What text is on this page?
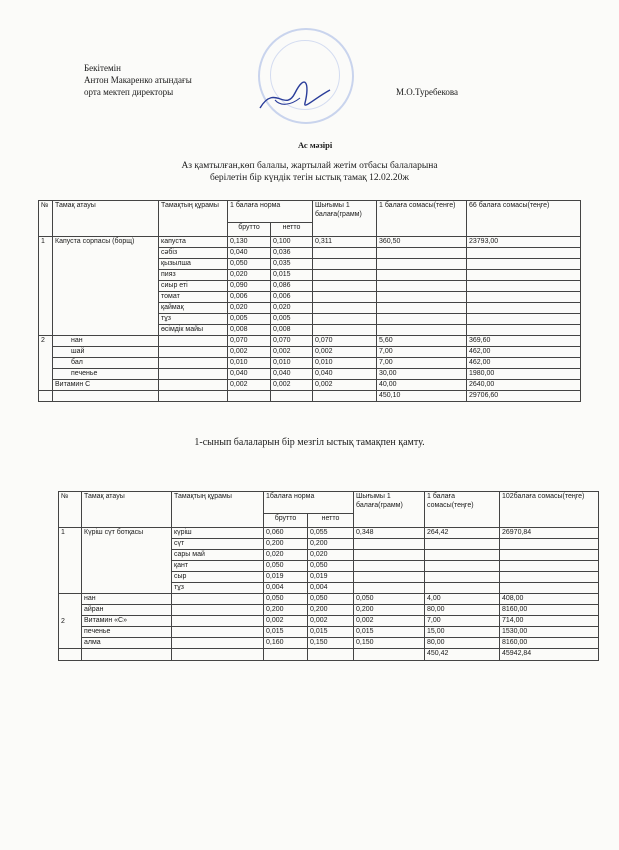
Бекітемін
Антон Макаренко атындағы
орта мектеп директоры	М.О.Туребекова
Ас мәзірі
Аз қамтылған,көп балалы, жартылай жетім отбасы балаларына
берілетін бір күндік тегін ыстық тамақ 12.02.20ж
№	Тамақ атауы	Тамақтың құрамы	1 балаға норма		Шығымы 1 балаға(грамм)	1 балаға сомасы(тенге)	66 балаға сомасы(теңге)
			брутто	нетто			
1	Капуста сорпасы (борщ)	капуста	0,130	0,100	0,311	360,50	23793,00
		сәбіз	0,040	0,036			
		қызылша	0,050	0,035			
		пияз	0,020	0,015			
		сиыр еті	0,090	0,086			
		томат	0,006	0,006			
		қаймақ	0,020	0,020			
		тұз	0,005	0,005			
		өсімдік майы	0,008	0,008			
2	нан		0,070	0,070	0,070	5,60	369,60
	шай		0,002	0,002	0,002	7,00	462,00
	бал		0,010	0,010	0,010	7,00	462,00
	печенье		0,040	0,040	0,040	30,00	1980,00
	Витамин С		0,002	0,002	0,002	40,00	2640,00
						450,10	29706,60
1-сынып балаларын бір мезгіл ыстық тамақпен қамту.
№	Тамақ атауы	Тамақтың құрамы	1балаға норма		Шығымы 1 балаға(грамм)	1 балаға сомасы(теңге)	102балаға сомасы(теңге)
			брутто	нетто			
1	Күріш сүт ботқасы	күріш	0,060	0,055	0,348	264,42	26970,84
		сүт	0,200	0,200			
		сары май	0,020	0,020			
		қант	0,050	0,050			
		сыр	0,019	0,019			
		тұз	0,004	0,004			
2	нан		0,050	0,050	0,050	4,00	408,00
	айран		0,200	0,200	0,200	80,00	8160,00
	Витамин «С»		0,002	0,002	0,002	7,00	714,00
	печенье		0,015	0,015	0,015	15,00	1530,00
	алма		0,160	0,150	0,150	80,00	8160,00
						450,42	45942,84
